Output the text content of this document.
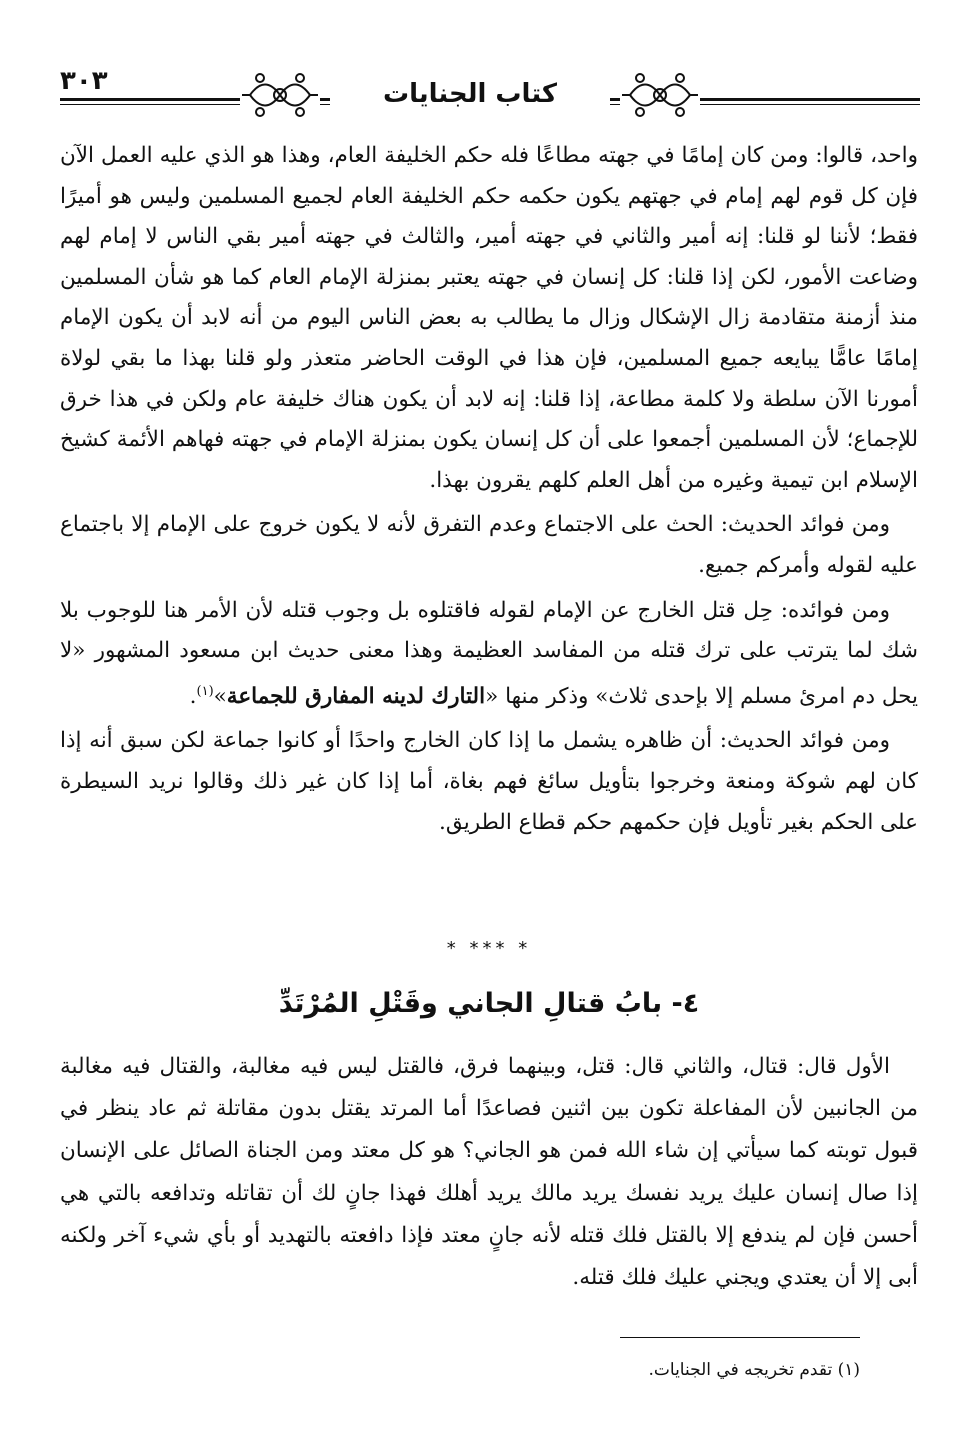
٣٠٣	كتاب الجنايات

واحد، قالوا: ومن كان إمامًا في جهته مطاعًا فله حكم الخليفة العام، وهذا هو الذي عليه العمل الآن فإن كل قوم لهم إمام في جهتهم يكون حكمه حكم الخليفة العام لجميع المسلمين وليس هو أميرًا فقط؛ لأننا لو قلنا: إنه أمير والثاني في جهته أمير، والثالث في جهته أمير بقي الناس لا إمام لهم وضاعت الأمور، لكن إذا قلنا: كل إنسان في جهته يعتبر بمنزلة الإمام العام كما هو شأن المسلمين منذ أزمنة متقادمة زال الإشكال وزال ما يطالب به بعض الناس اليوم من أنه لابد أن يكون الإمام إمامًا عامًّا يبايعه جميع المسلمين، فإن هذا في الوقت الحاضر متعذر ولو قلنا بهذا ما بقي لولاة أمورنا الآن سلطة ولا كلمة مطاعة، إذا قلنا: إنه لابد أن يكون هناك خليفة عام ولكن في هذا خرق للإجماع؛ لأن المسلمين أجمعوا على أن كل إنسان يكون بمنزلة الإمام في جهته فهاهم الأئمة كشيخ الإسلام ابن تيمية وغيره من أهل العلم كلهم يقرون بهذا.

ومن فوائد الحديث: الحث على الاجتماع وعدم التفرق لأنه لا يكون خروج على الإمام إلا باجتماع عليه لقوله وأمركم جميع.

ومن فوائده: حِل قتل الخارج عن الإمام لقوله فاقتلوه بل وجوب قتله لأن الأمر هنا للوجوب بلا شك لما يترتب على ترك قتله من المفاسد العظيمة وهذا معنى حديث ابن مسعود المشهور «لا يحل دم امرئ مسلم إلا بإحدى ثلاث» وذكر منها «التارك لدينه المفارق للجماعة»$^{(١)}$.

ومن فوائد الحديث: أن ظاهره يشمل ما إذا كان الخارج واحدًا أو كانوا جماعة لكن سبق أنه إذا كان لهم شوكة ومنعة وخرجوا بتأويل سائغ فهم بغاة، أما إذا كان غير ذلك وقالوا نريد السيطرة على الحكم بغير تأويل فإن حكمهم حكم قطاع الطريق.

* *** *
٤- بابُ قتالِ الجاني وقَتْلِ المُرْتَدِّ

الأول قال: قتال، والثاني قال: قتل، وبينهما فرق، فالقتل ليس فيه مغالبة، والقتال فيه مغالبة من الجانبين لأن المفاعلة تكون بين اثنين فصاعدًا أما المرتد يقتل بدون مقاتلة ثم عاد ينظر في قبول توبته كما سيأتي إن شاء الله فمن هو الجاني؟ هو كل معتد ومن الجناة الصائل على الإنسان إذا صال إنسان عليك يريد نفسك يريد مالك يريد أهلك فهذا جانٍ لك أن تقاتله وتدافعه بالتي هي أحسن فإن لم يندفع إلا بالقتل فلك قتله لأنه جانٍ معتد فإذا دافعته بالتهديد أو بأي شيء آخر ولكنه أبى إلا أن يعتدي ويجني عليك فلك قتله.

(١) تقدم تخريجه في الجنايات.
